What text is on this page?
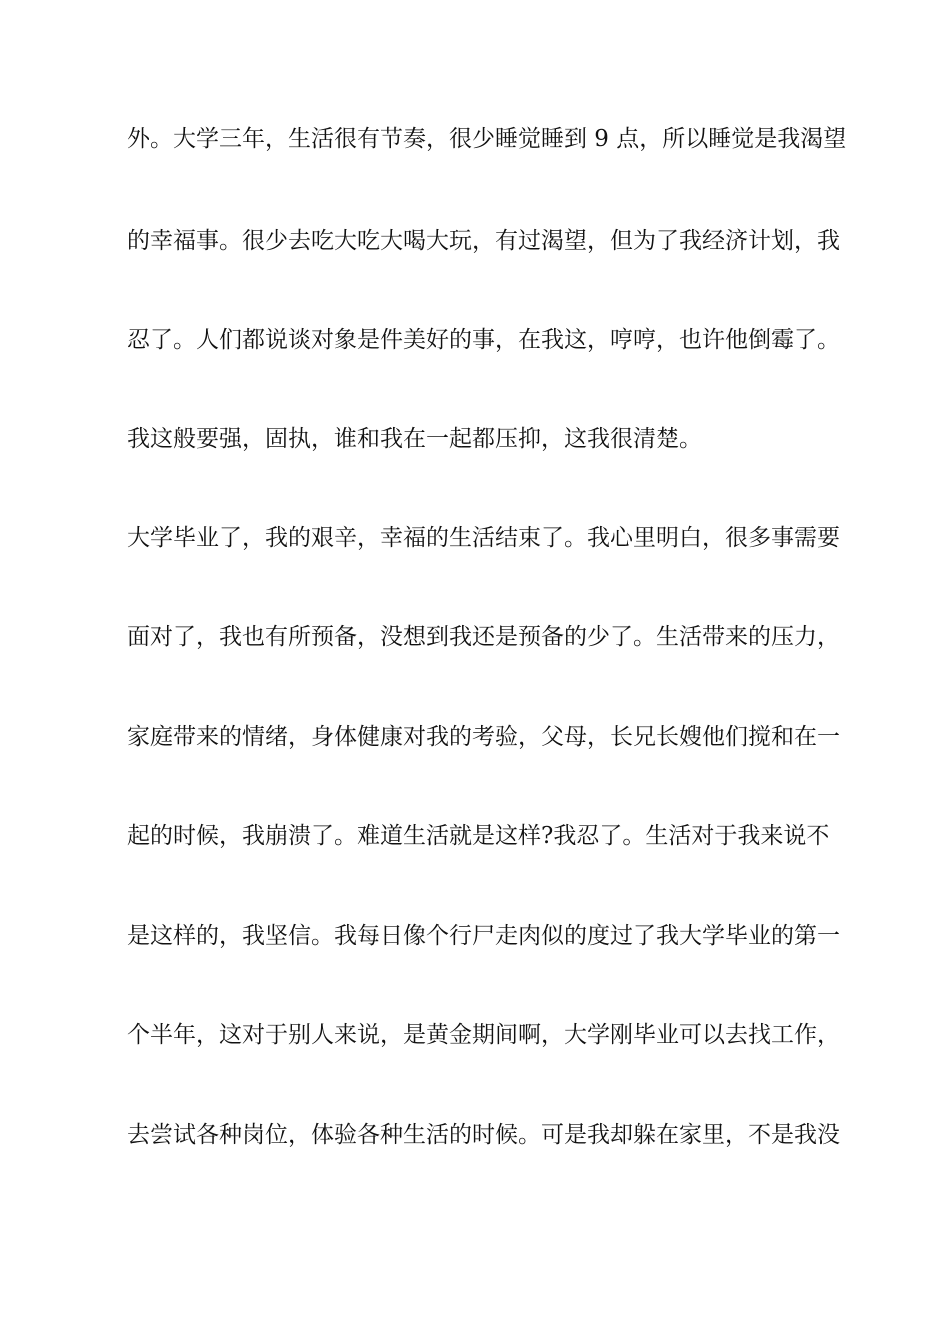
外。大学三年，生活很有节奏，很少睡觉睡到 9 点，所以睡觉是我渴望
的幸福事。很少去吃大吃大喝大玩，有过渴望，但为了我经济计划，我
忍了。人们都说谈对象是件美好的事，在我这，哼哼，也许他倒霉了。
我这般要强，固执，谁和我在一起都压抑，这我很清楚。
大学毕业了，我的艰辛，幸福的生活结束了。我心里明白，很多事需要
面对了，我也有所预备，没想到我还是预备的少了。生活带来的压力，
家庭带来的情绪，身体健康对我的考验，父母，长兄长嫂他们搅和在一
起的时候，我崩溃了。难道生活就是这样?我忍了。生活对于我来说不
是这样的，我坚信。我每日像个行尸走肉似的度过了我大学毕业的第一
个半年，这对于别人来说，是黄金期间啊，大学刚毕业可以去找工作，
去尝试各种岗位，体验各种生活的时候。可是我却躲在家里，不是我没
